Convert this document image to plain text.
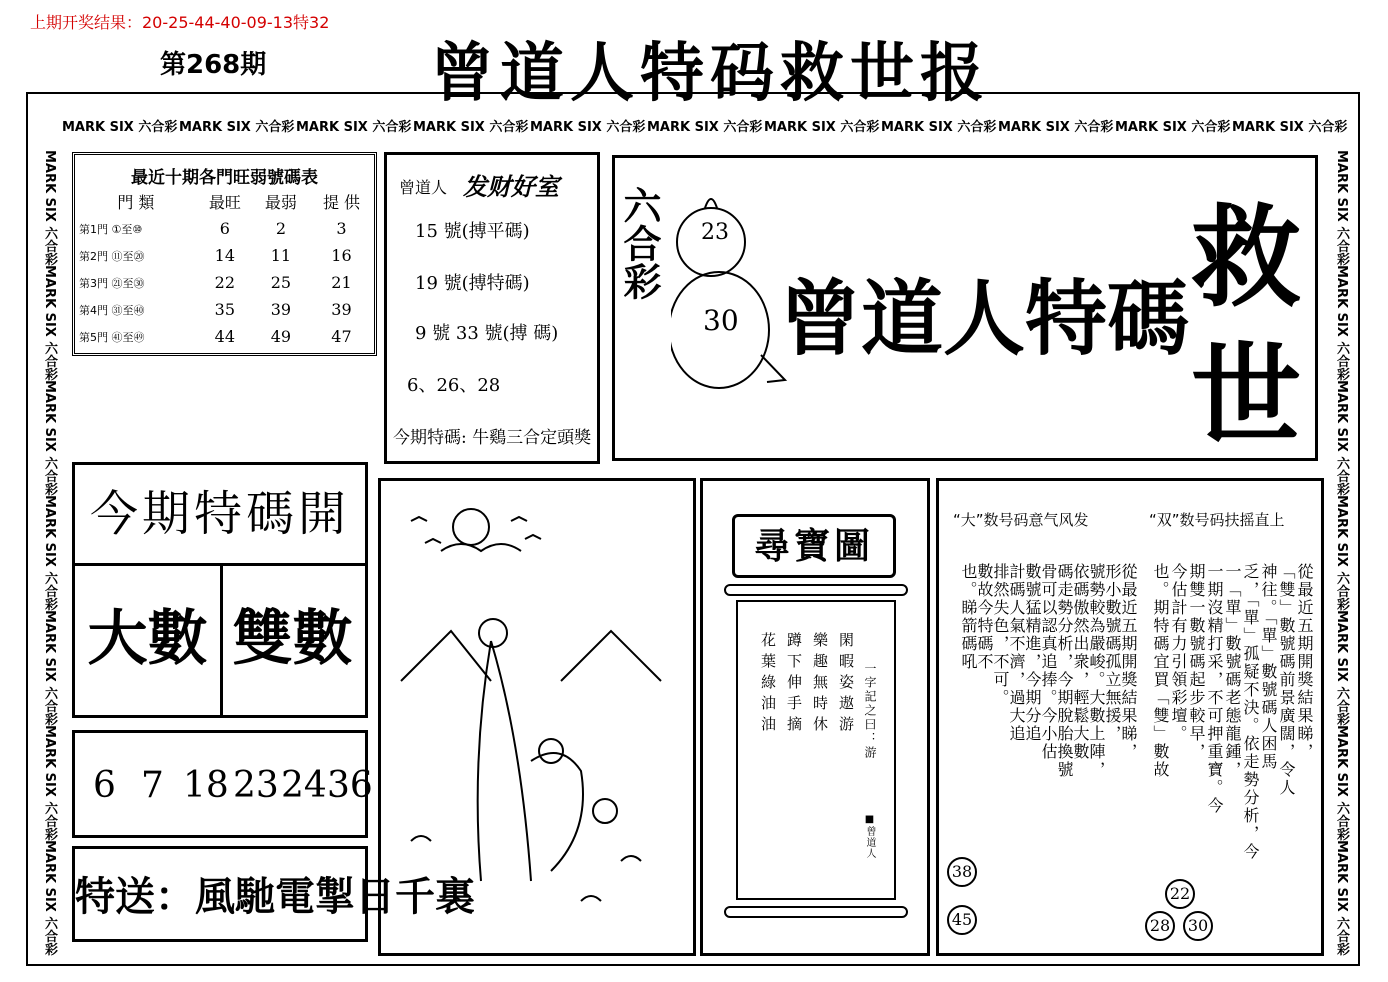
上期开奖结果：20-25-44-40-09-13特32
第268期	曾道人特码救世报
MARK SIX 六合彩 MARK SIX 六合彩 MARK SIX 六合彩 MARK SIX 六合彩 MARK SIX 六合彩 MARK SIX 六合彩 MARK SIX 六合彩 MARK SIX 六合彩 MARK SIX 六合彩 MARK SIX 六合彩 MARK SIX 六合彩
MARK SIX 六合彩
MARK SIX 六合彩
MARK SIX 六合彩
MARK SIX 六合彩
MARK SIX 六合彩
MARK SIX 六合彩
MARK SIX 六合彩
MARK SIX 六合彩
MARK SIX 六合彩
MARK SIX 六合彩
MARK SIX 六合彩
MARK SIX 六合彩
MARK SIX 六合彩
MARK SIX 六合彩
最近十期各門旺弱號碼表
門 類	最旺	最弱	提 供
第1門 ①至⑩	6	2	3
第2門 ⑪至⑳	14	11	16
第3門 ㉑至㉚	22	25	21
第4門 ㉛至㊵	35	39	39
第5門 ㊶至㊾	44	49	47
曾道人 发财好室
15 號(搏平碼)
19 號(搏特碼)
9 號 33 號(搏 碼)
6、26、28
今期特碼: 牛鷄三合定頭獎
六合彩 23
30 曾道人特碼 救
世
今期特碼開
大數 雙數
6 7 18 23 24 36
特送：風馳電掣日千裏
尋寶圖
閑暇姿遨游
樂趣無時休
蹲下伸手摘
花葉綠油油	一字記之曰：游
■曾道人
“大”数号码意气风发	“双”数号码扶摇直上
從最近五期開獎結果睇，
形小數號碼孤立無援，
號勢較為嚴峻。大數上陣，
依碼傲然出衆，輕鬆大數
碼走勢分析，今期脫胎換號
骨可以認真追捧。今小估
數號猛精進，今期分追
計碼人氣不濟，過大追
排然失色，不可。
數故今特碼不
也。睇箭碼吼	從最近五期開獎結果睇，
「雙」數號碼前景廣闊，令人
神往。「單」數號碼人困馬
乏，「單」孤疑不決。依走勢分析，今
一「單」數號碼老態龍鍾，
一期沒精打采，不可押重寶。今
期雙一數號碼起步較早，
今估計有力引領彩壇。
也。期特碼宜買「雙」數故
38
45
22
28	30
